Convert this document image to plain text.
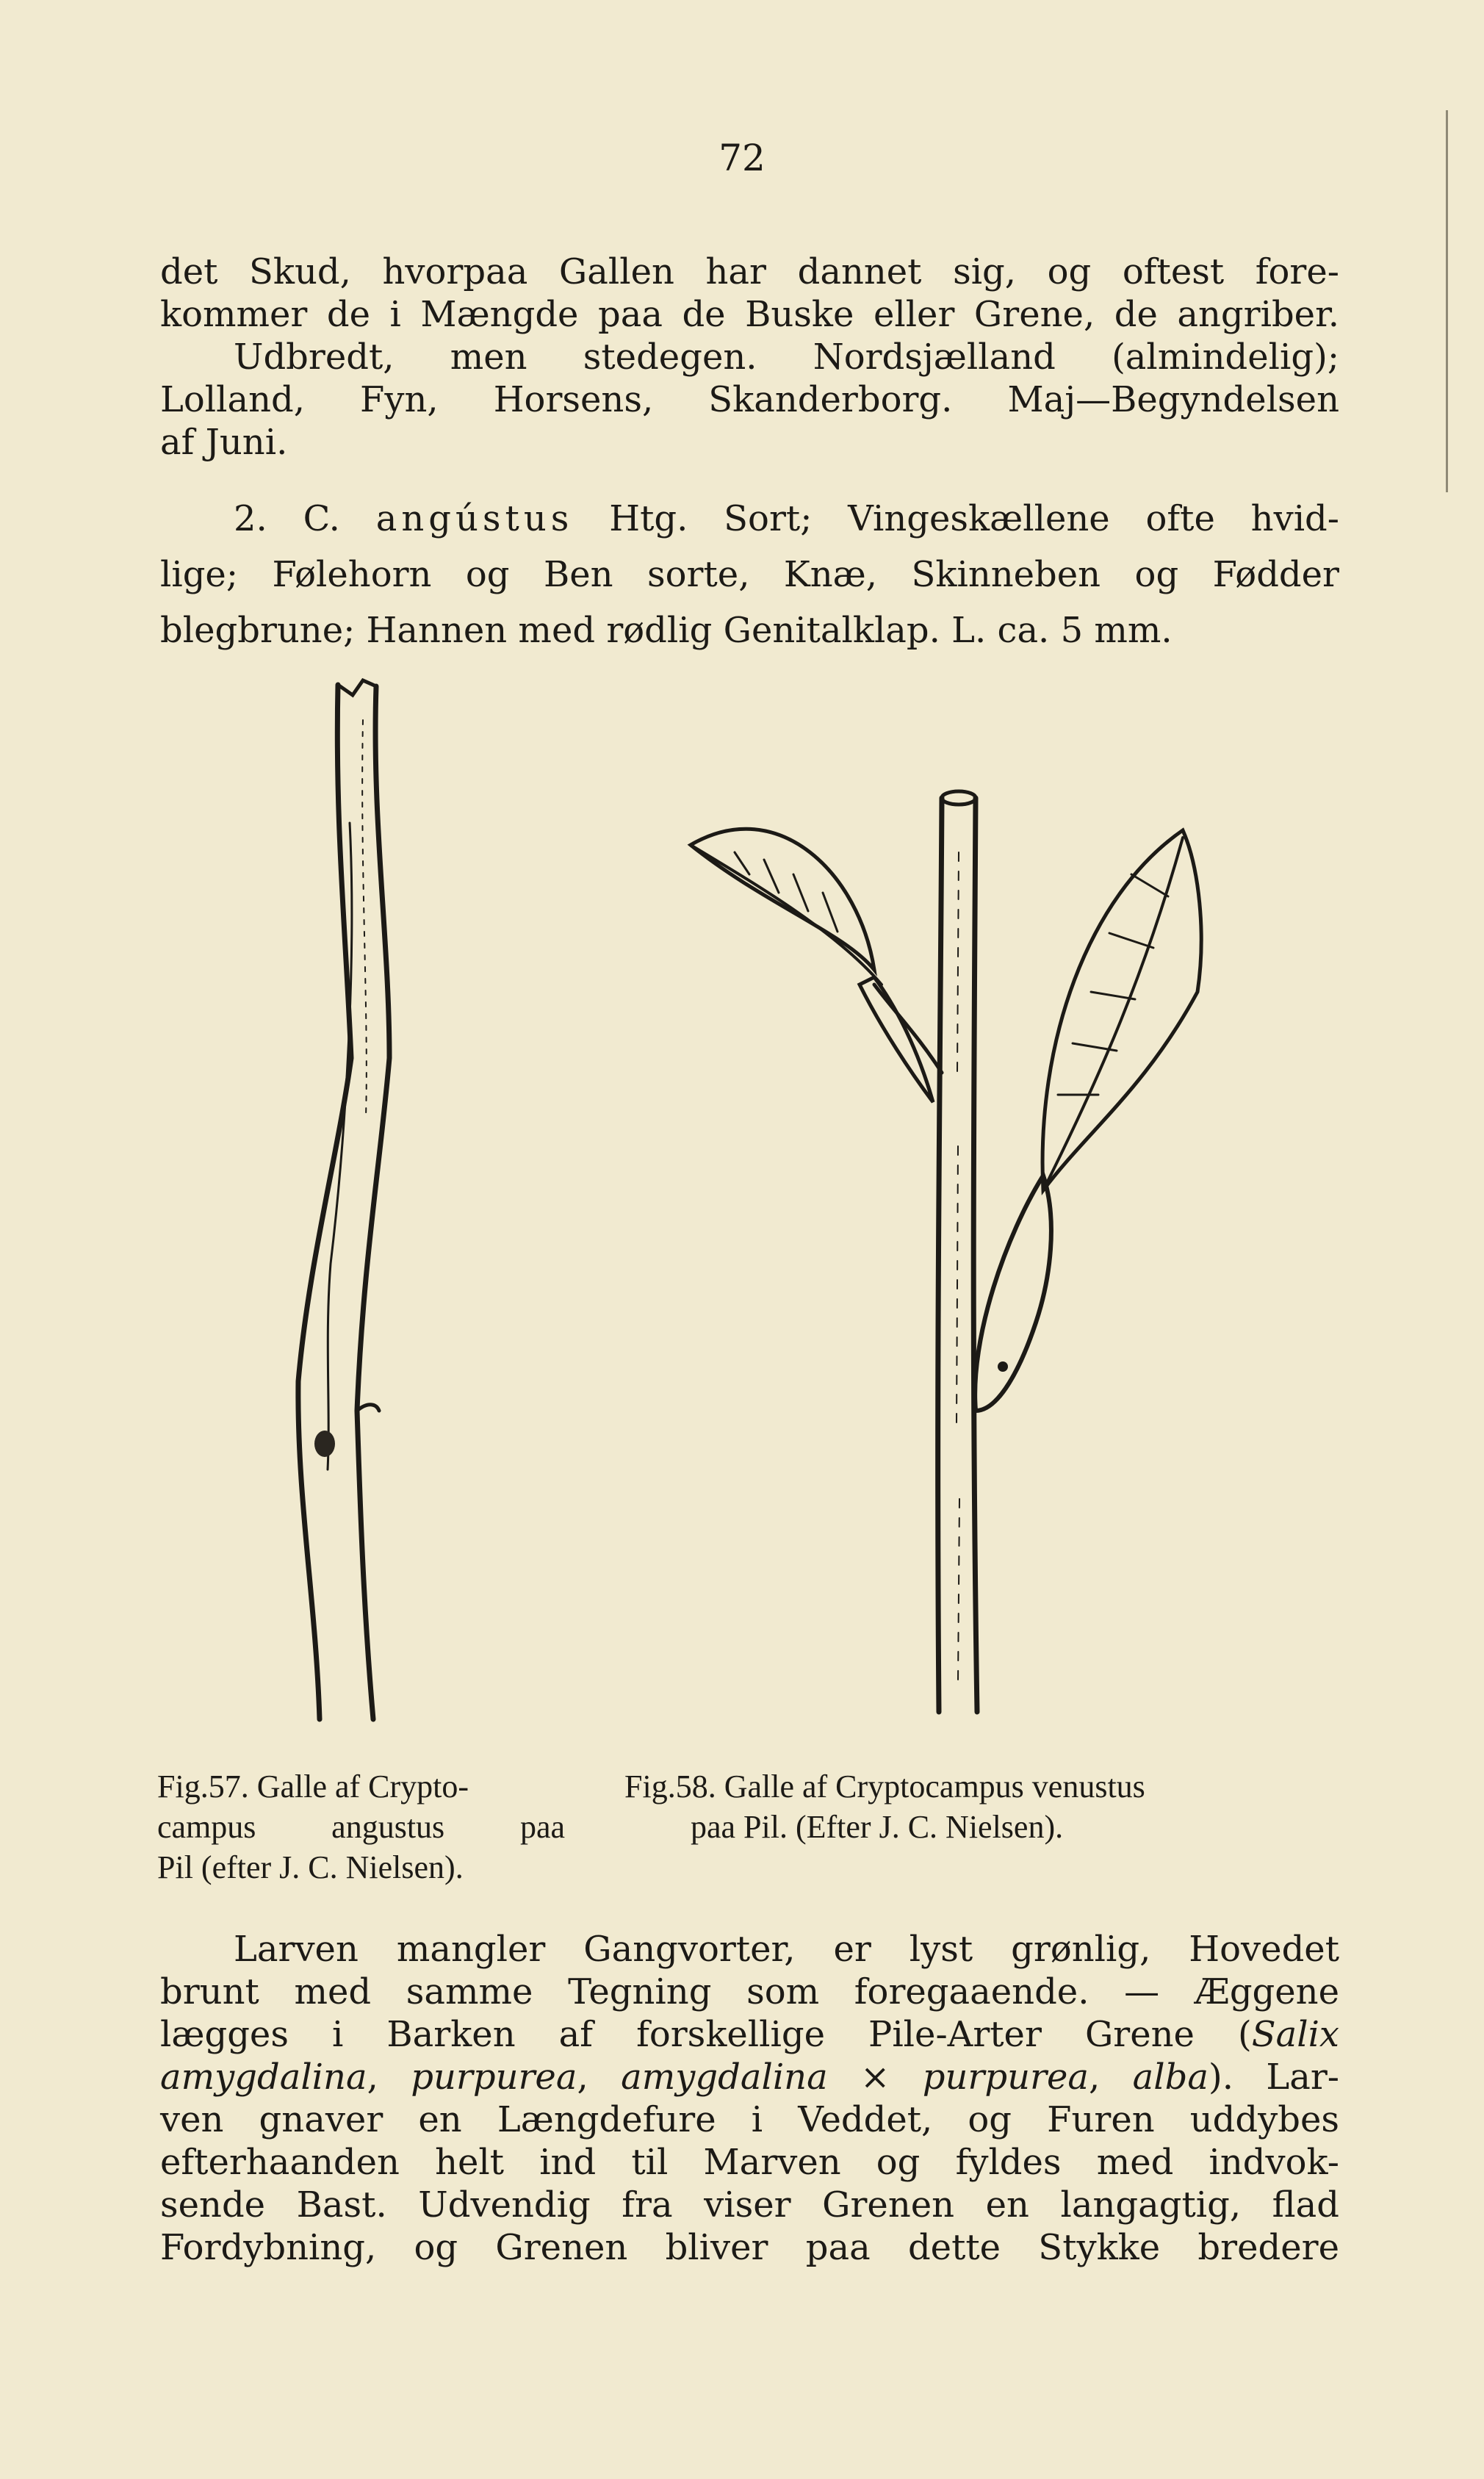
72

det Skud, hvorpaa Gallen har dannet sig, og oftest fore-

kommer de i Mængde paa de Buske eller Grene, de angriber.

Udbredt, men stedegen. Nordsjælland (almindelig);

Lolland, Fyn, Horsens, Skanderborg. Maj—Begyndelsen

af Juni.

2. C. angústus Htg. Sort; Vingeskællene ofte hvid-

lige; Følehorn og Ben sorte, Knæ, Skinneben og Fødder

blegbrune; Hannen med rødlig Genitalklap. L. ca. 5 mm.

Fig.57. Galle af Crypto-

campus angustus paa

Pil (efter J. C. Nielsen).

Fig.58. Galle af Cryptocampus venustus

paa Pil. (Efter J. C. Nielsen).

Larven mangler Gangvorter, er lyst grønlig, Hovedet

brunt med samme Tegning som foregaaende. — Æggene

lægges i Barken af forskellige Pile-Arter Grene (Salix

amygdalina, purpurea, amygdalina × purpurea, alba). Lar-

ven gnaver en Længdefure i Veddet, og Furen uddybes

efterhaanden helt ind til Marven og fyldes med indvok-

sende Bast. Udvendig fra viser Grenen en langagtig, flad

Fordybning, og Grenen bliver paa dette Stykke bredere
